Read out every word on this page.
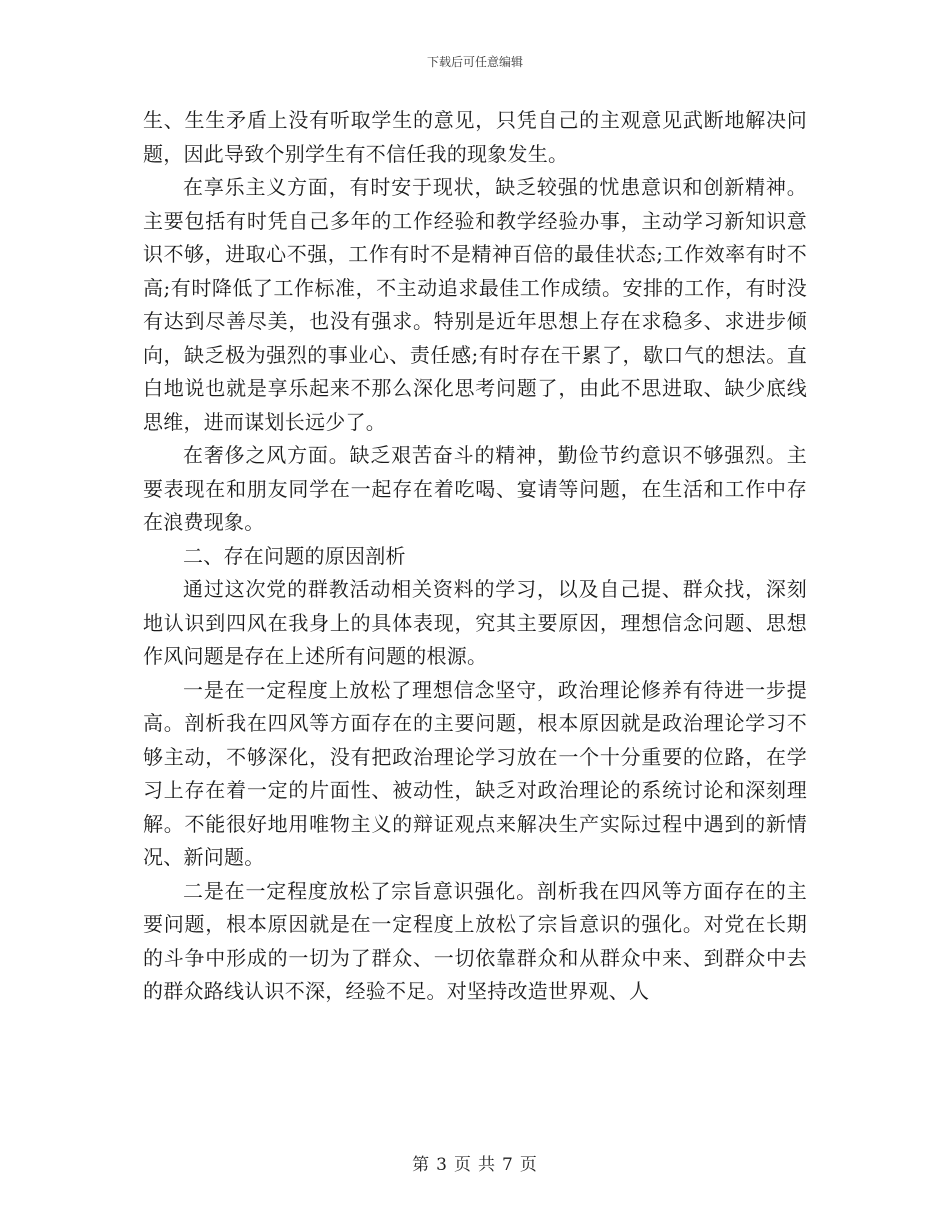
下载后可任意编辑

生、生生矛盾上没有听取学生的意见，只凭自己的主观意见武断地解决问题，因此导致个别学生有不信任我的现象发生。

在享乐主义方面，有时安于现状，缺乏较强的忧患意识和创新精神。主要包括有时凭自己多年的工作经验和教学经验办事，主动学习新知识意识不够，进取心不强，工作有时不是精神百倍的最佳状态;工作效率有时不高;有时降低了工作标准，不主动追求最佳工作成绩。安排的工作，有时没有达到尽善尽美，也没有强求。特别是近年思想上存在求稳多、求进步倾向，缺乏极为强烈的事业心、责任感;有时存在干累了，歇口气的想法。直白地说也就是享乐起来不那么深化思考问题了，由此不思进取、缺少底线思维，进而谋划长远少了。

在奢侈之风方面。缺乏艰苦奋斗的精神，勤俭节约意识不够强烈。主要表现在和朋友同学在一起存在着吃喝、宴请等问题，在生活和工作中存在浪费现象。

二、存在问题的原因剖析

通过这次党的群教活动相关资料的学习，以及自己提、群众找，深刻地认识到四风在我身上的具体表现，究其主要原因，理想信念问题、思想作风问题是存在上述所有问题的根源。

一是在一定程度上放松了理想信念坚守，政治理论修养有待进一步提高。剖析我在四风等方面存在的主要问题，根本原因就是政治理论学习不够主动，不够深化，没有把政治理论学习放在一个十分重要的位路，在学习上存在着一定的片面性、被动性，缺乏对政治理论的系统讨论和深刻理解。不能很好地用唯物主义的辩证观点来解决生产实际过程中遇到的新情况、新问题。

二是在一定程度放松了宗旨意识强化。剖析我在四风等方面存在的主要问题，根本原因就是在一定程度上放松了宗旨意识的强化。对党在长期的斗争中形成的一切为了群众、一切依靠群众和从群众中来、到群众中去的群众路线认识不深，经验不足。对坚持改造世界观、人

第 3 页 共 7 页
